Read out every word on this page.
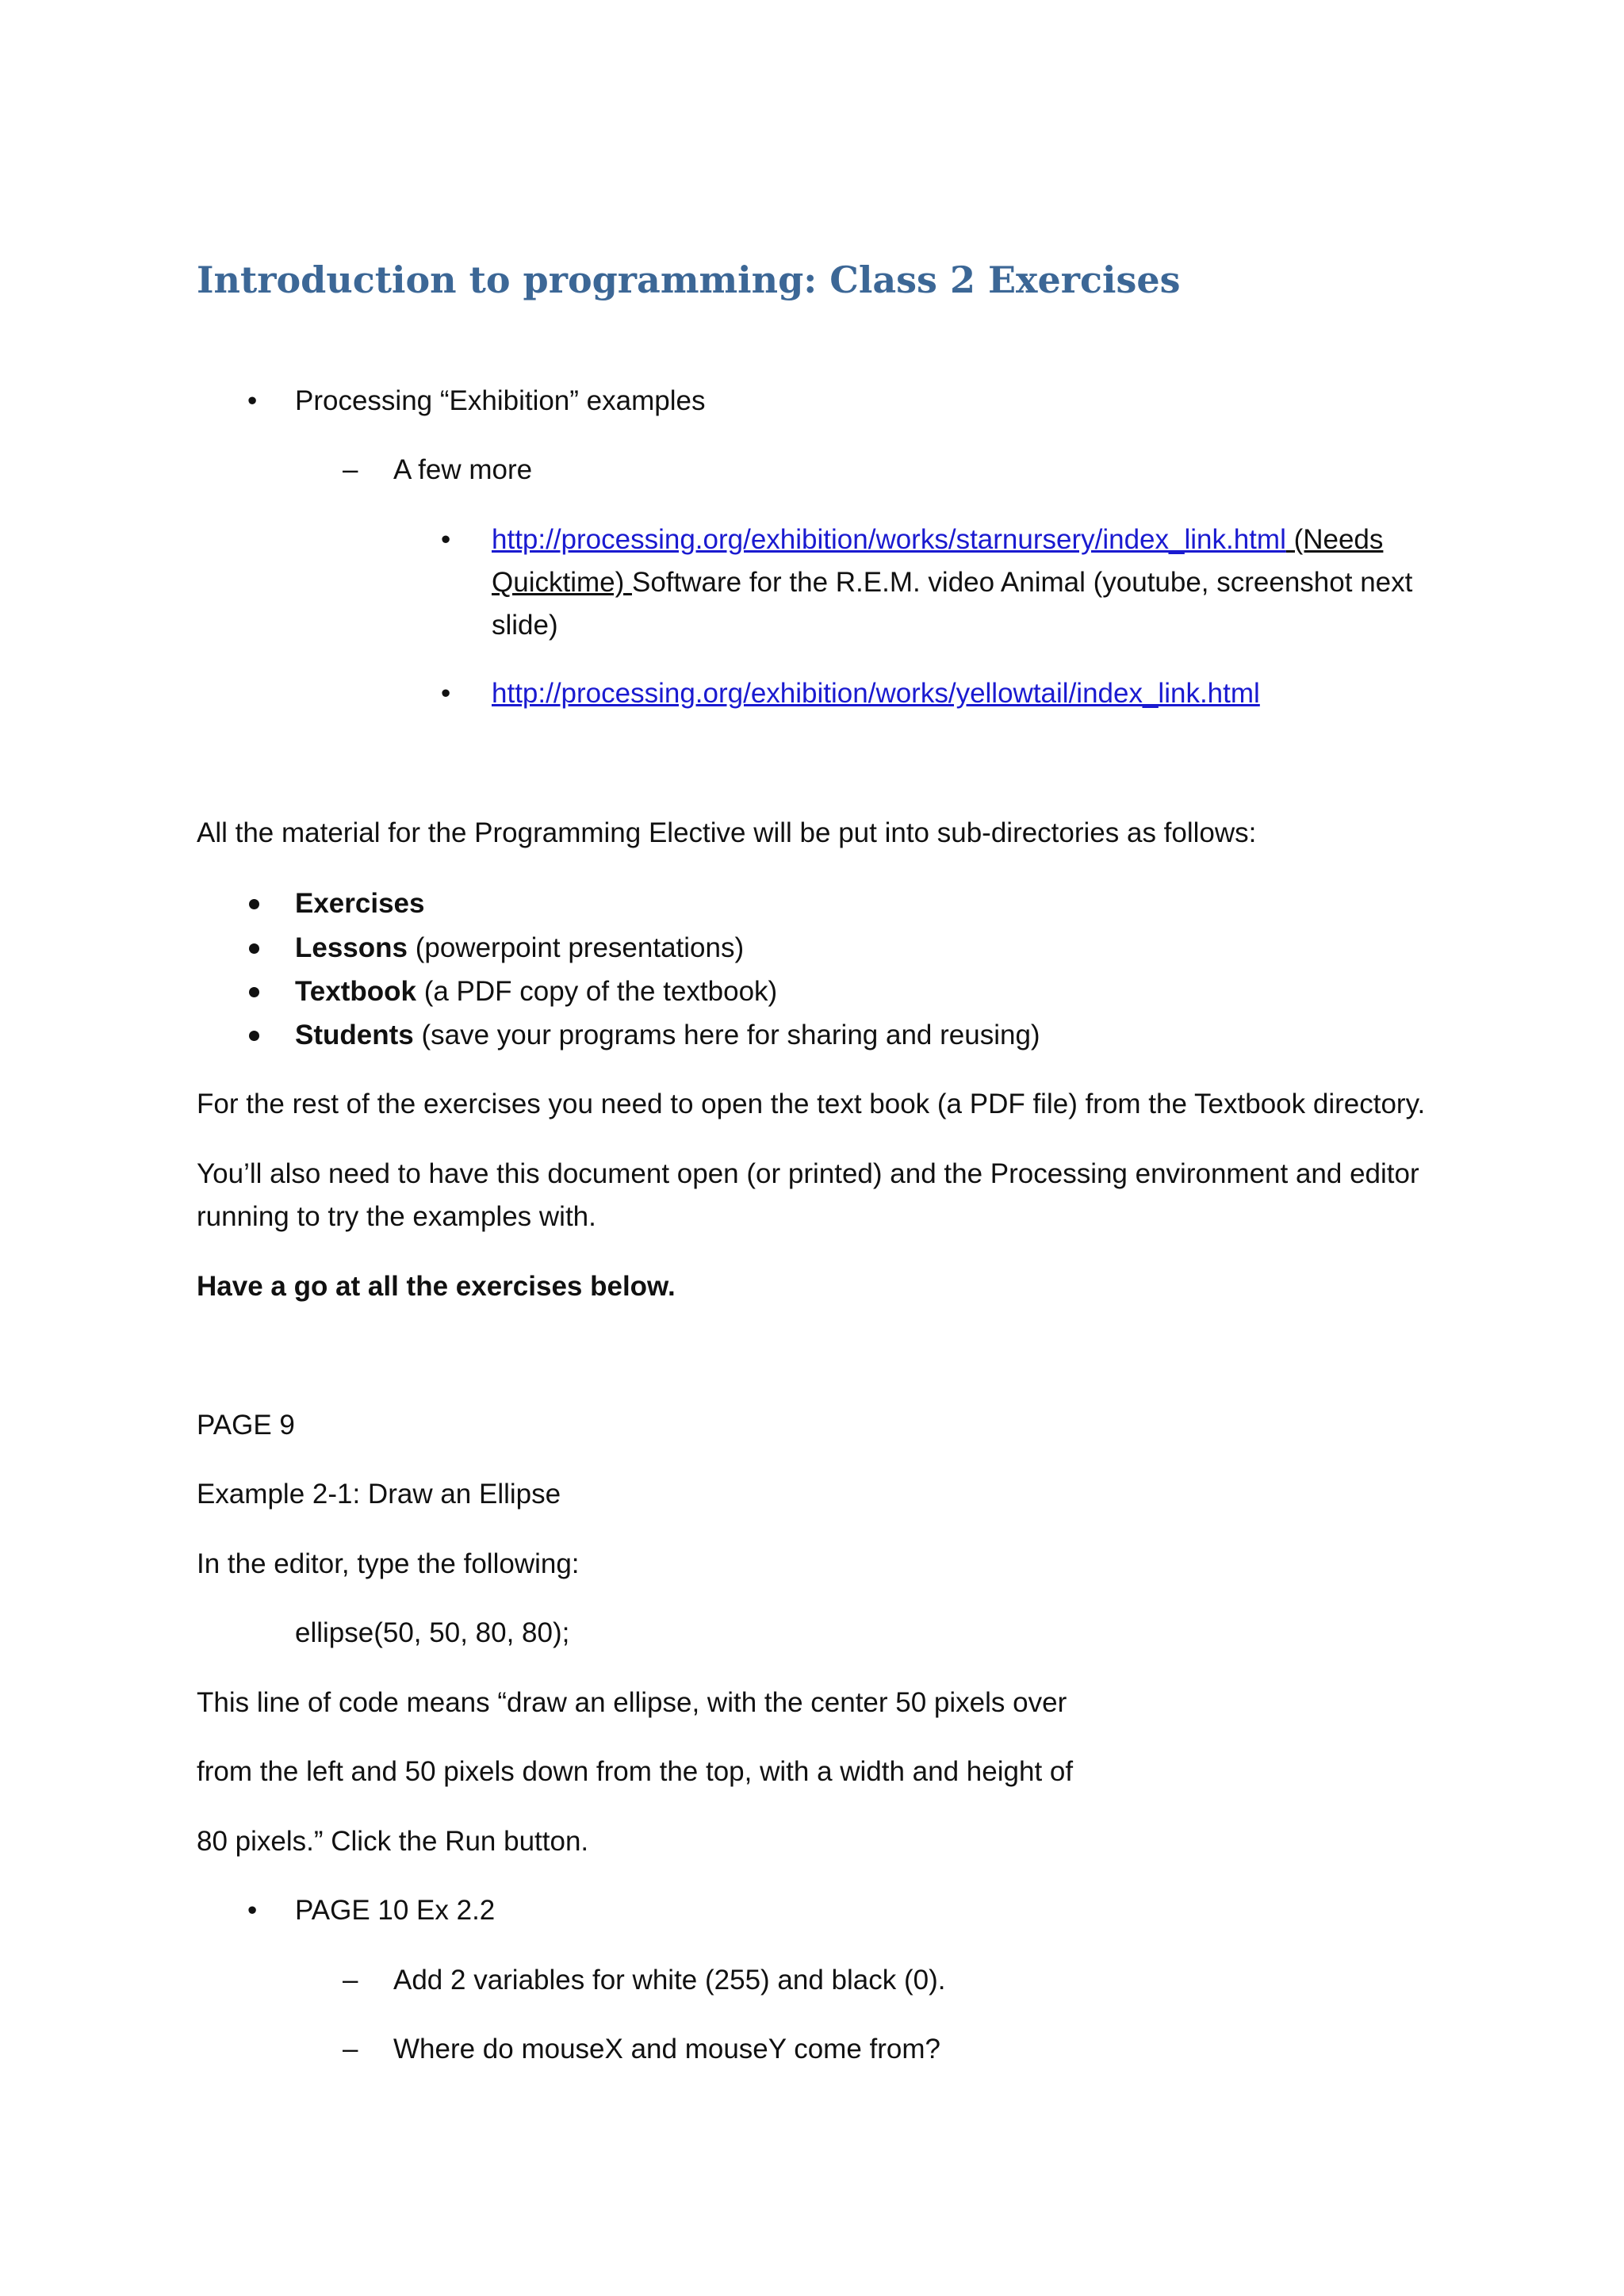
Introduction to programming: Class 2 Exercises
• Processing “Exhibition” examples
– A few more
• http://processing.org/exhibition/works/starnursery/index_link.html (Needs
Quicktime) Software for the R.E.M. video Animal (youtube, screenshot next
slide)
• http://processing.org/exhibition/works/yellowtail/index_link.html
All the material for the Programming Elective will be put into sub-directories as follows:
Exercises
Lessons (powerpoint presentations)
Textbook (a PDF copy of the textbook)
Students (save your programs here for sharing and reusing)
For the rest of the exercises you need to open the text book (a PDF file) from the Textbook directory.
You’ll also need to have this document open (or printed) and the Processing environment and editor
running to try the examples with.
Have a go at all the exercises below.
PAGE 9
Example 2-1: Draw an Ellipse
In the editor, type the following:
ellipse(50, 50, 80, 80);
This line of code means “draw an ellipse, with the center 50 pixels over
from the left and 50 pixels down from the top, with a width and height of
80 pixels.” Click the Run button.
• PAGE 10 Ex 2.2
– Add 2 variables for white (255) and black (0).
– Where do mouseX and mouseY come from?
